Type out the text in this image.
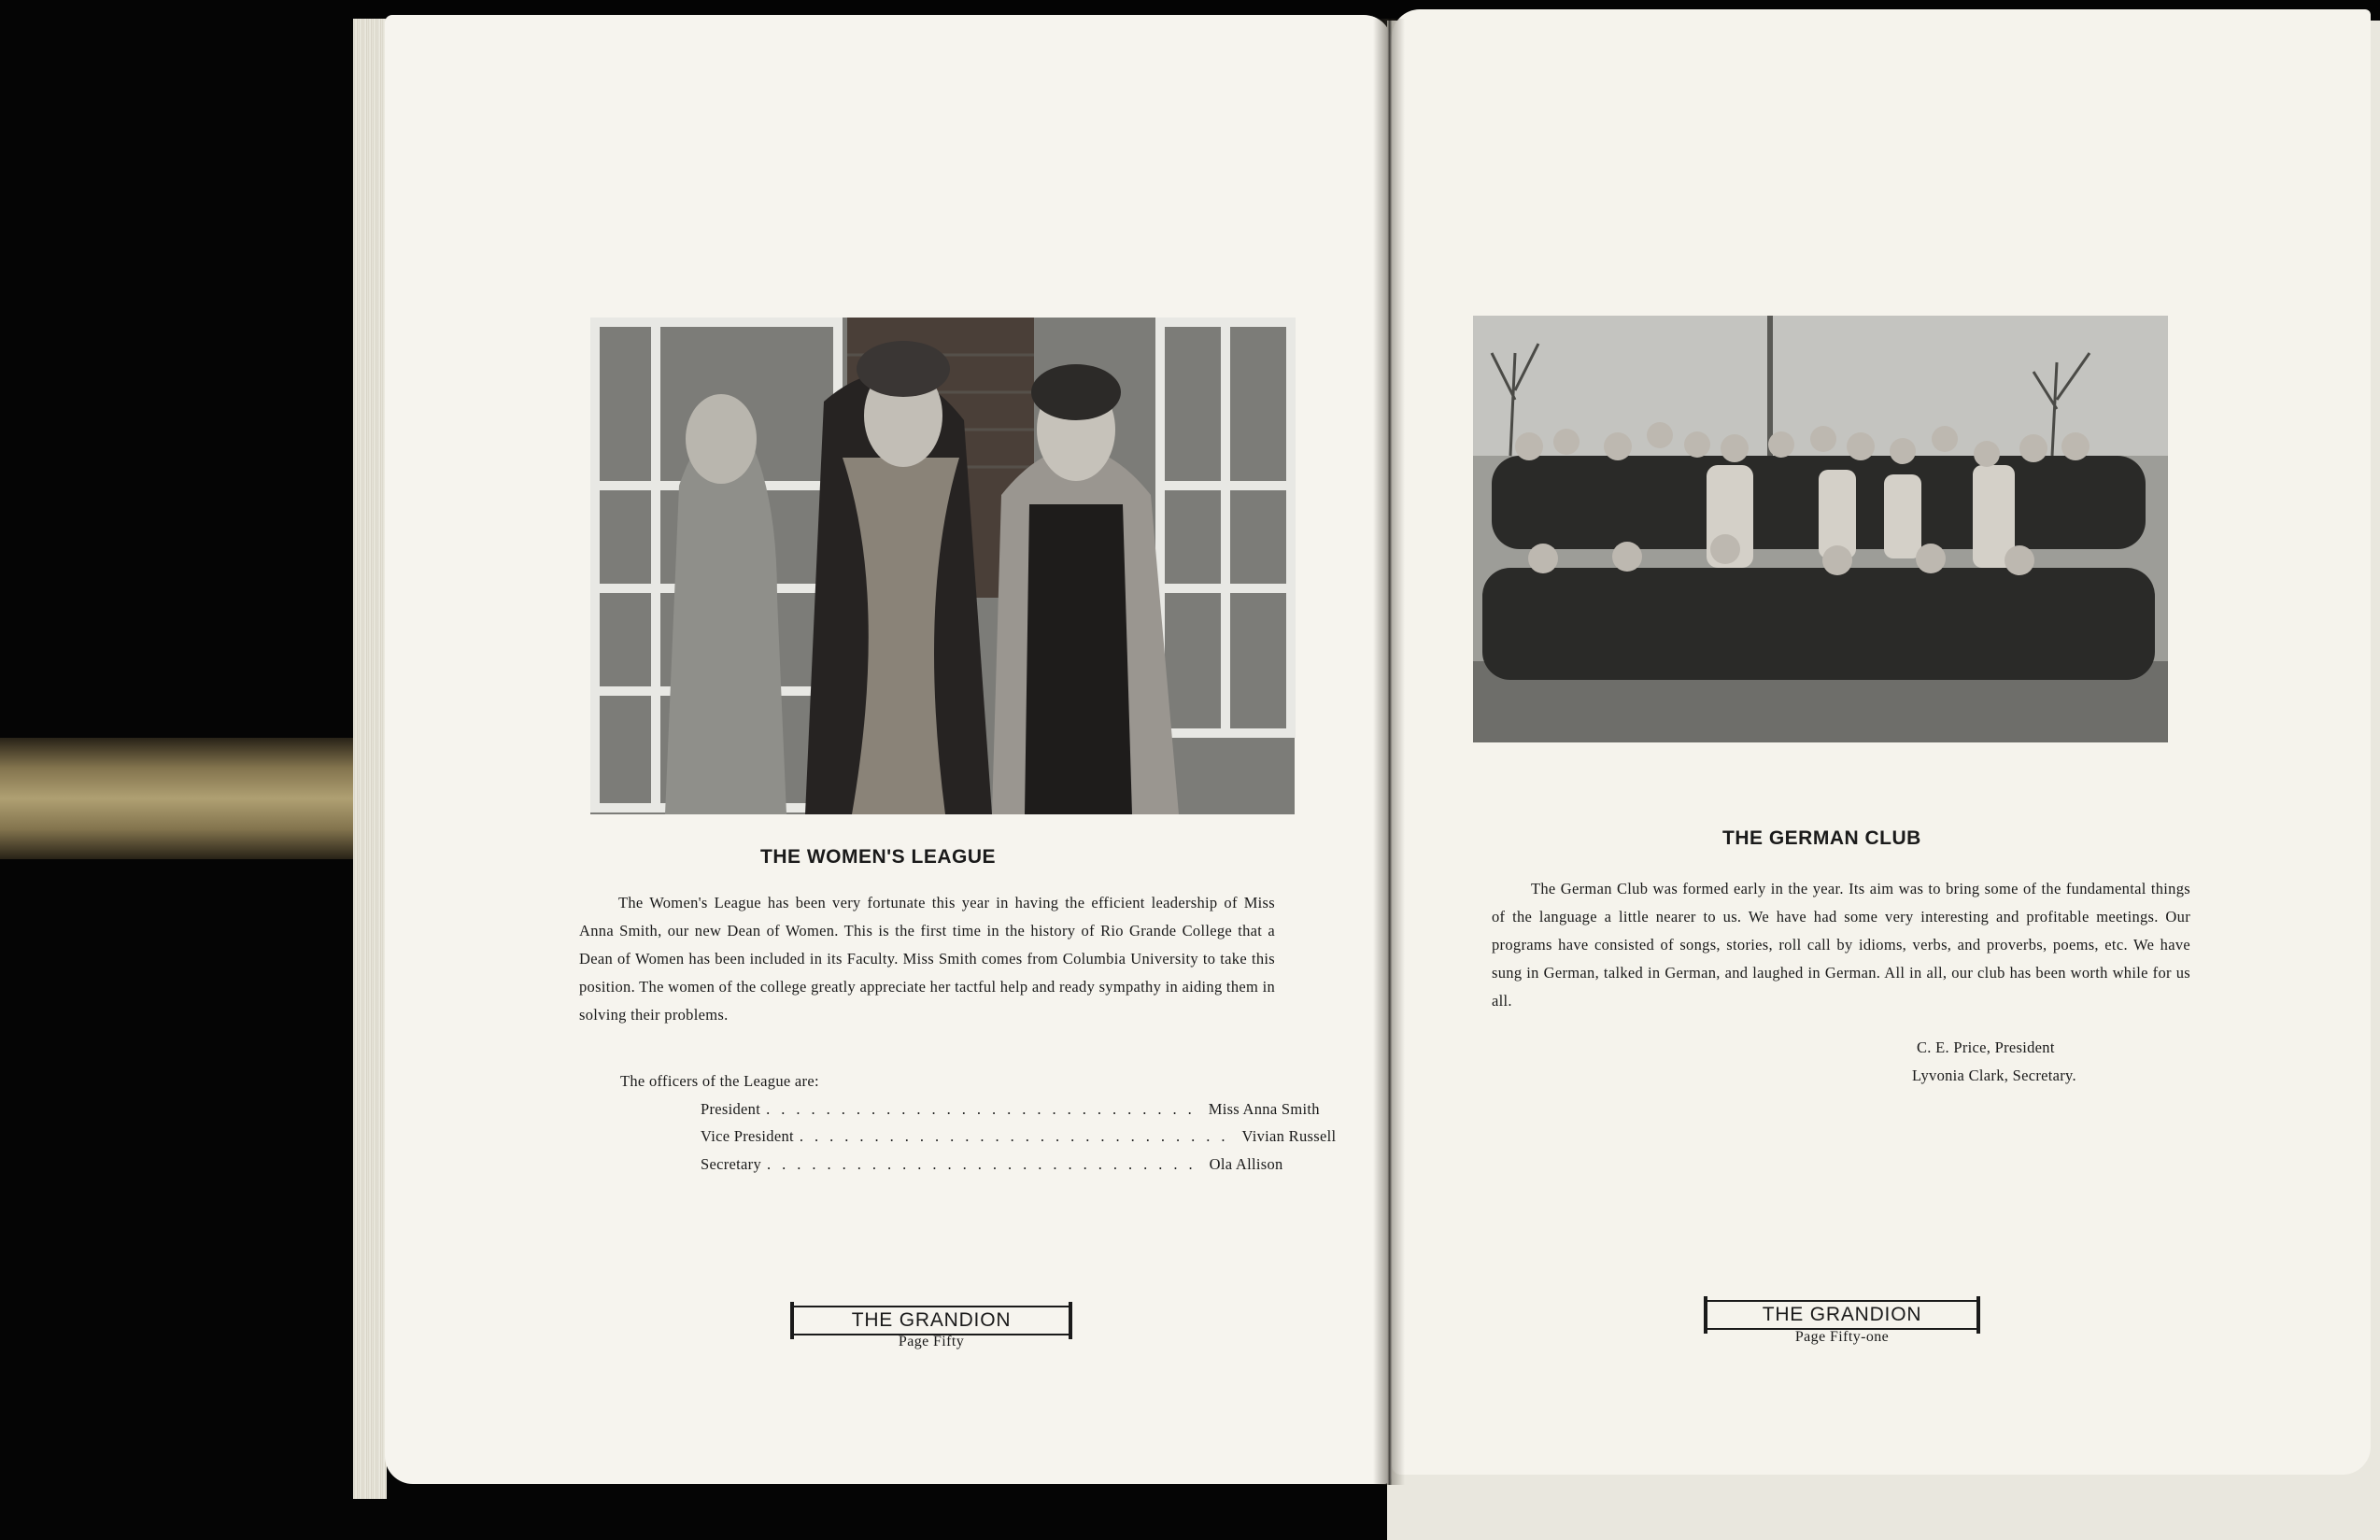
THE WOMEN'S LEAGUE

The Women's League has been very fortunate this year in having the efficient leadership of Miss Anna Smith, our new Dean of Women. This is the first time in the history of Rio Grande College that a Dean of Women has been included in its Faculty. Miss Smith comes from Columbia University to take this position. The women of the college greatly appreciate her tactful help and ready sympathy in aiding them in solving their problems.

The officers of the League are:
President ............................. Miss Anna Smith
Vice President ............................. Vivian Russell
Secretary ............................. Ola Allison
THE GRANDION
Page Fifty
THE GERMAN CLUB

The German Club was formed early in the year. Its aim was to bring some of the fundamental things of the language a little nearer to us. We have had some very interesting and profitable meetings. Our programs have consisted of songs, stories, roll call by idioms, verbs, and proverbs, poems, etc. We have sung in German, talked in German, and laughed in German. All in all, our club has been worth while for us all.

C. E. Price, President
Lyvonia Clark, Secretary.
THE GRANDION
Page Fifty-one
